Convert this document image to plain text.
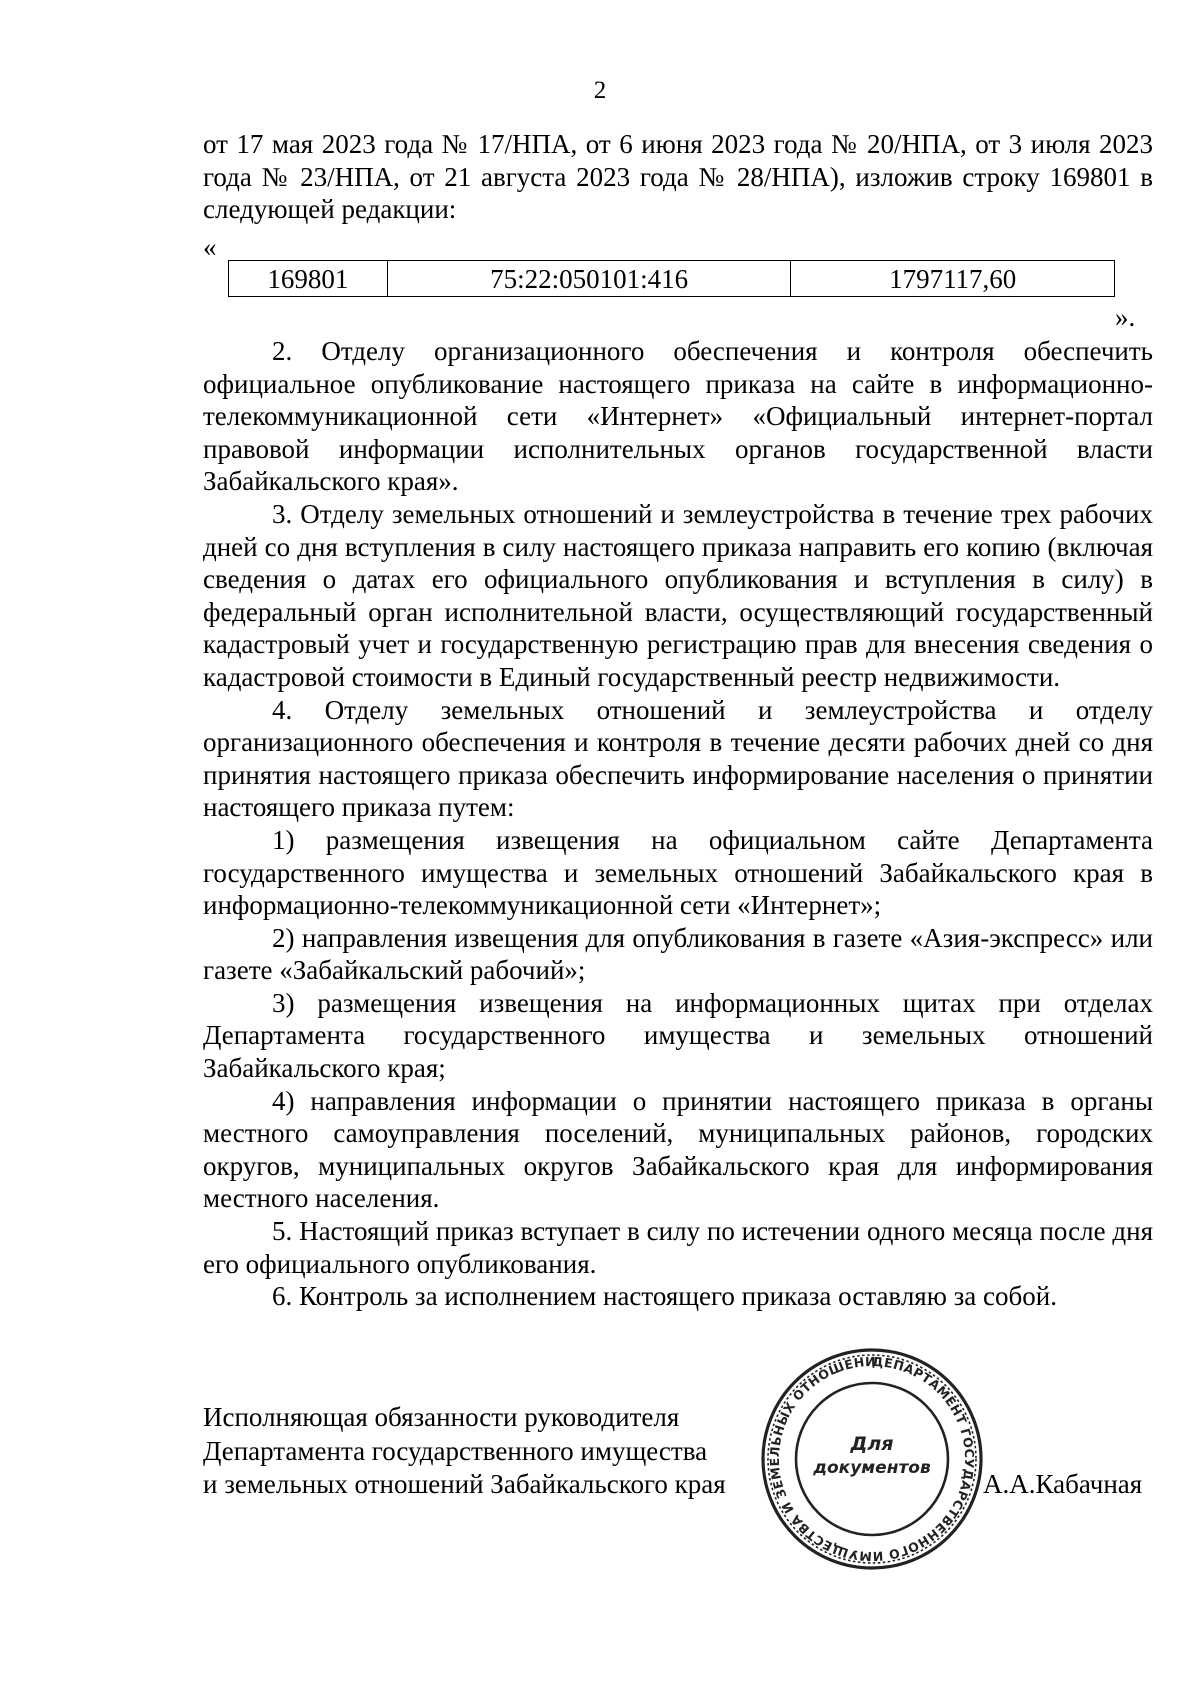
2

от 17 мая 2023 года № 17/НПА, от 6 июня 2023 года № 20/НПА, от 3 июля 2023 года № 23/НПА, от 21 августа 2023 года № 28/НПА), изложив строку 169801 в следующей редакции:

«
169801	75:22:050101:416	1797117,60
».

2. Отделу организационного обеспечения и контроля обеспечить официальное опубликование настоящего приказа на сайте в информационно-телекоммуникационной сети «Интернет» «Официальный интернет-портал правовой информации исполнительных органов государственной власти Забайкальского края».

3. Отделу земельных отношений и землеустройства в течение трех рабочих дней со дня вступления в силу настоящего приказа направить его копию (включая сведения о датах его официального опубликования и вступления в силу) в федеральный орган исполнительной власти, осуществляющий государственный кадастровый учет и государственную регистрацию прав для внесения сведения о кадастровой стоимости в Единый государственный реестр недвижимости.

4. Отделу земельных отношений и землеустройства и отделу организационного обеспечения и контроля в течение десяти рабочих дней со дня принятия настоящего приказа обеспечить информирование населения о принятии настоящего приказа путем:

1) размещения извещения на официальном сайте Департамента государственного имущества и земельных отношений Забайкальского края в информационно-телекоммуникационной сети «Интернет»;

2) направления извещения для опубликования в газете «Азия-экспресс» или газете «Забайкальский рабочий»;

3) размещения извещения на информационных щитах при отделах Департамента государственного имущества и земельных отношений Забайкальского края;

4) направления информации о принятии настоящего приказа в органы местного самоуправления поселений, муниципальных районов, городских округов, муниципальных округов Забайкальского края для информирования местного населения.

5. Настоящий приказ вступает в силу по истечении одного месяца после дня его официального опубликования.

6. Контроль за исполнением настоящего приказа оставляю за собой.

Исполняющая обязанности руководителя
Департамента государственного имущества
и земельных отношений Забайкальского края	А.А.Кабачная
ДЕПАРТАМЕНТ ГОСУДАРСТВЕННОГО ИМУЩЕСТВА И ЗЕМЕЛЬНЫХ ОТНОШЕНИ
Для
документов
